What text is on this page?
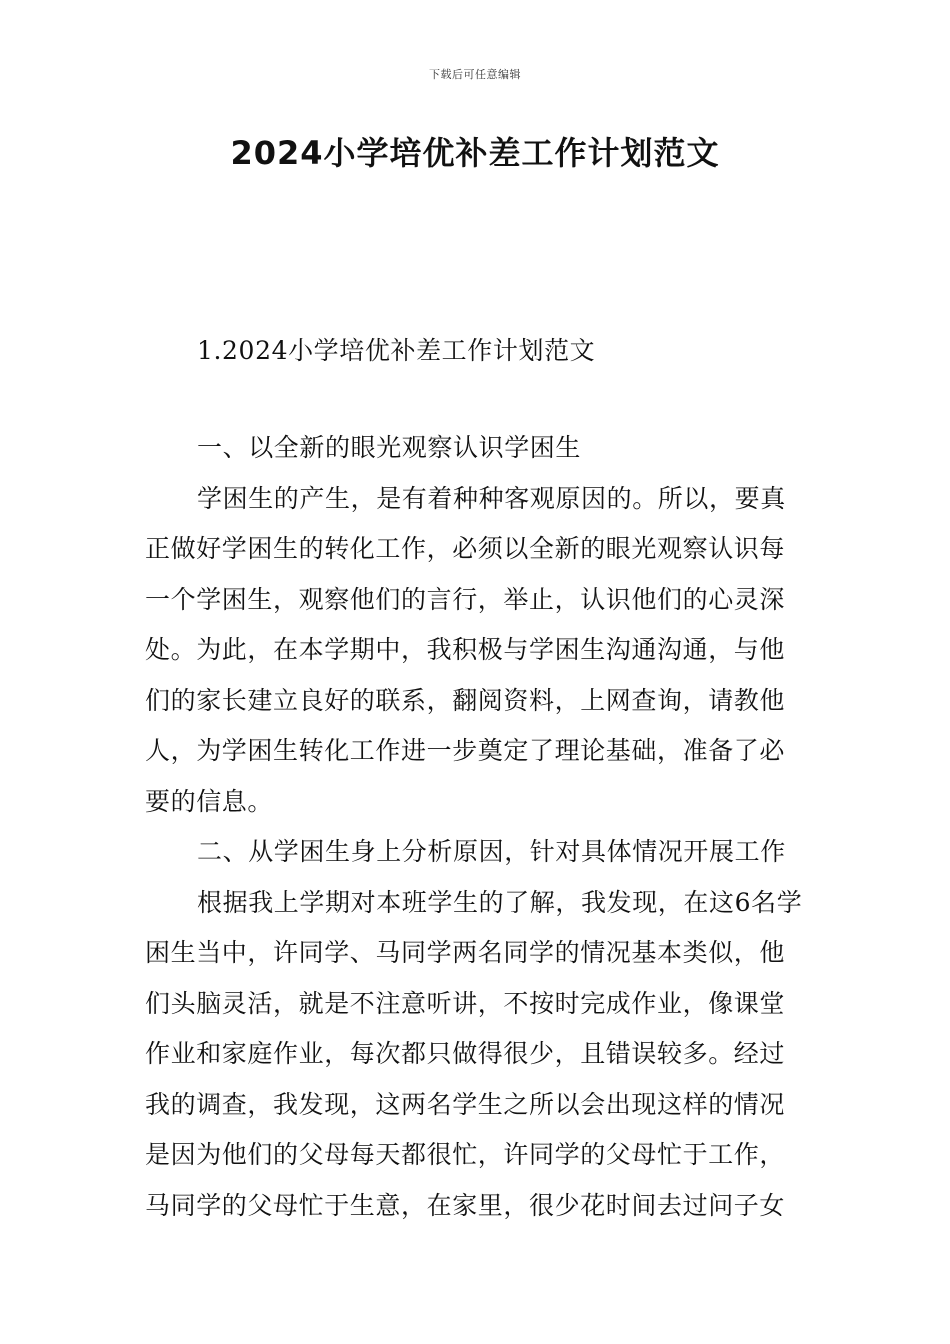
下载后可任意编辑
2024小学培优补差工作计划范文

1.2024小学培优补差工作计划范文

一、以全新的眼光观察认识学困生

学困生的产生，是有着种种客观原因的。所以，要真正做好学困生的转化工作，必须以全新的眼光观察认识每一个学困生，观察他们的言行，举止，认识他们的心灵深处。为此，在本学期中，我积极与学困生沟通沟通，与他们的家长建立良好的联系，翻阅资料，上网查询，请教他人，为学困生转化工作进一步奠定了理论基础，准备了必要的信息。

二、从学困生身上分析原因，针对具体情况开展工作

根据我上学期对本班学生的了解，我发现，在这6名学困生当中，许同学、马同学两名同学的情况基本类似，他们头脑灵活，就是不注意听讲，不按时完成作业，像课堂作业和家庭作业，每次都只做得很少，且错误较多。经过我的调查，我发现，这两名学生之所以会出现这样的情况是因为他们的父母每天都很忙，许同学的父母忙于工作，马同学的父母忙于生意，在家里，很少花时间去过问子女
